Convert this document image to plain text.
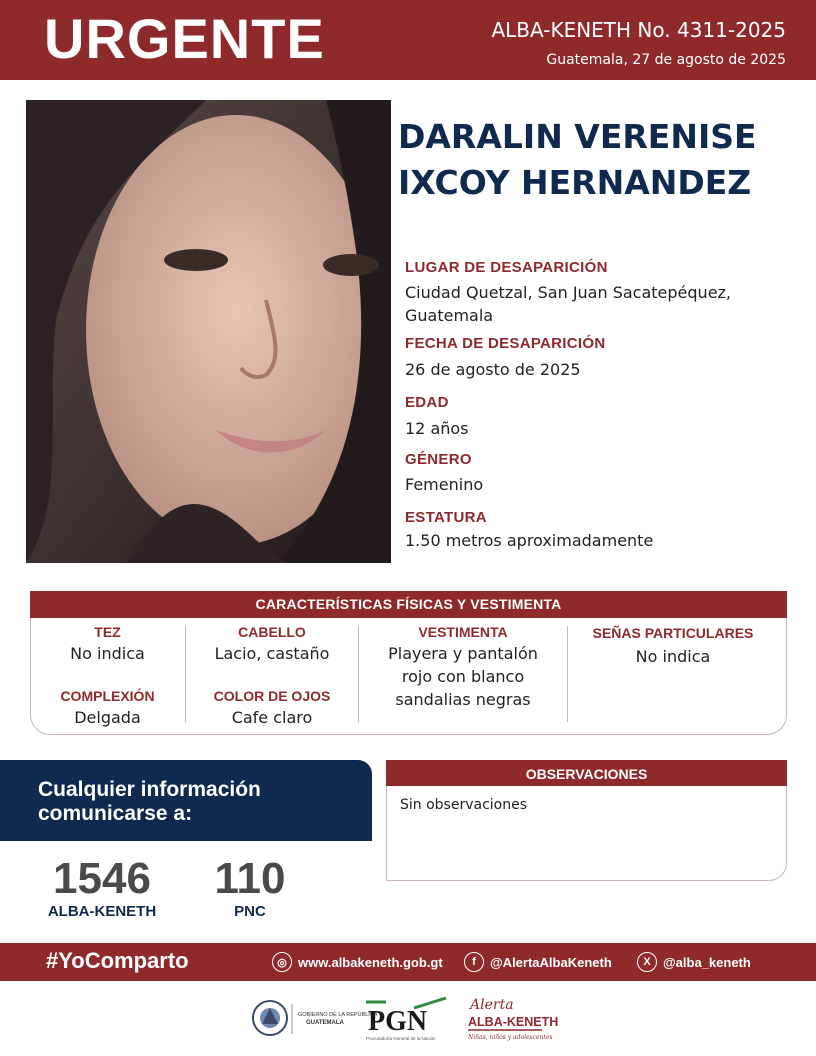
URGENTE	ALBA-KENETH No. 4311-2025
Guatemala, 27 de agosto de 2025
DARALIN VERENISE
IXCOY HERNANDEZ
LUGAR DE DESAPARICIÓN
Ciudad Quetzal, San Juan Sacatepéquez, Guatemala
FECHA DE DESAPARICIÓN
26 de agosto de 2025
EDAD
12 años
GÉNERO
Femenino
ESTATURA
1.50 metros aproximadamente
CARACTERÍSTICAS FÍSICAS Y VESTIMENTA
TEZ
No indica
COMPLEXIÓN
Delgada
CABELLO
Lacio, castaño
COLOR DE OJOS
Cafe claro
VESTIMENTA
Playera y pantalón rojo con blanco sandalias negras
SEÑAS PARTICULARES
No indica
Cualquier información
comunicarse a:
1546
ALBA-KENETH
110
PNC
OBSERVACIONES
Sin observaciones
#YoComparto	◎ www.albakeneth.gob.gt	f	@AlertaAlbaKeneth	X @alba_keneth
GOBIERNO DE LA REPÚBLICA
GUATEMALA PGN
Procuraduría General de la Nación
Alerta
ALBA-KENETH
Niñas, niños y adolescentes
